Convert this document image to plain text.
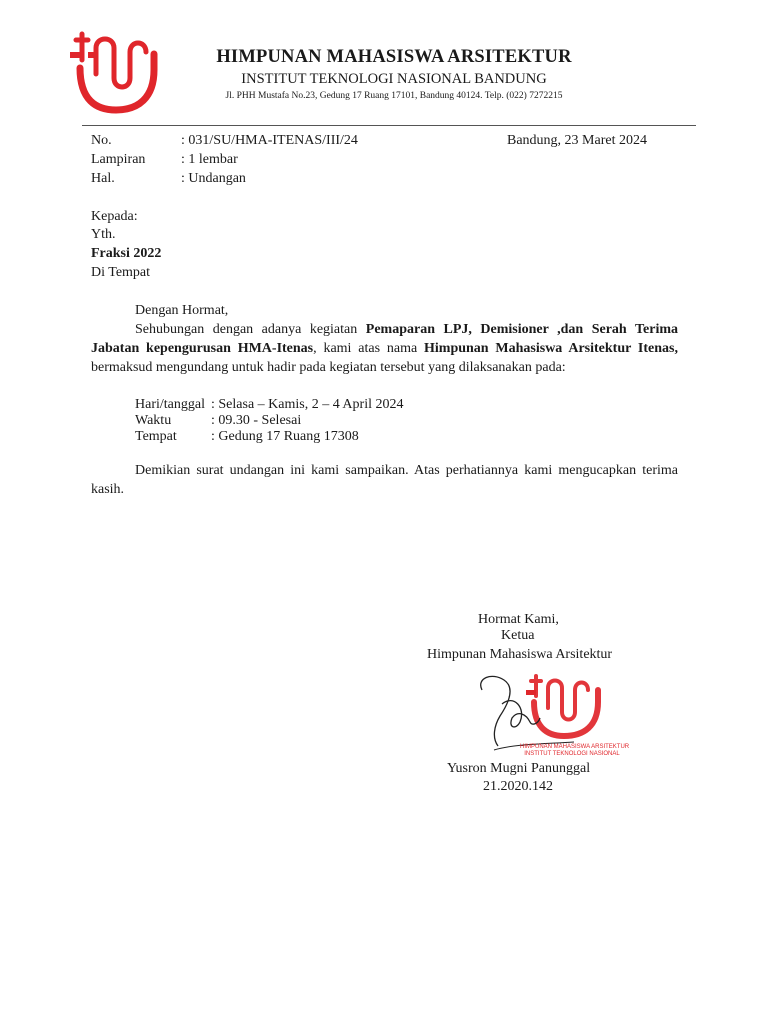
HIMPUNAN MAHASISWA ARSITEKTUR
INSTITUT TEKNOLOGI NASIONAL BANDUNG
Jl. PHH Mustafa No.23, Gedung 17 Ruang 17101, Bandung 40124. Telp. (022) 7272215
No.	: 031/SU/HMA-ITENAS/III/24	Bandung, 23 Maret 2024
Lampiran	: 1 lembar
Hal.	: Undangan
Kepada:
Yth.
Fraksi 2022
Di Tempat
Dengan Hormat,
Sehubungan dengan adanya kegiatan Pemaparan LPJ, Demisioner ,dan Serah Terima Jabatan kepengurusan HMA-Itenas, kami atas nama Himpunan Mahasiswa Arsitektur Itenas, bermaksud mengundang untuk hadir pada kegiatan tersebut yang dilaksanakan pada:
Hari/tanggal : Selasa – Kamis, 2 – 4 April 2024
Waktu	: 09.30 - Selesai
Tempat : Gedung 17 Ruang 17308
Demikian surat undangan ini kami sampaikan. Atas perhatiannya kami mengucapkan terima kasih.
Hormat Kami,
Ketua
Himpunan Mahasiswa Arsitektur
HIMPUNAN MAHASISWA ARSITEKTUR
INSTITUT TEKNOLOGI NASIONAL
Yusron Mugni Panunggal
21.2020.142
